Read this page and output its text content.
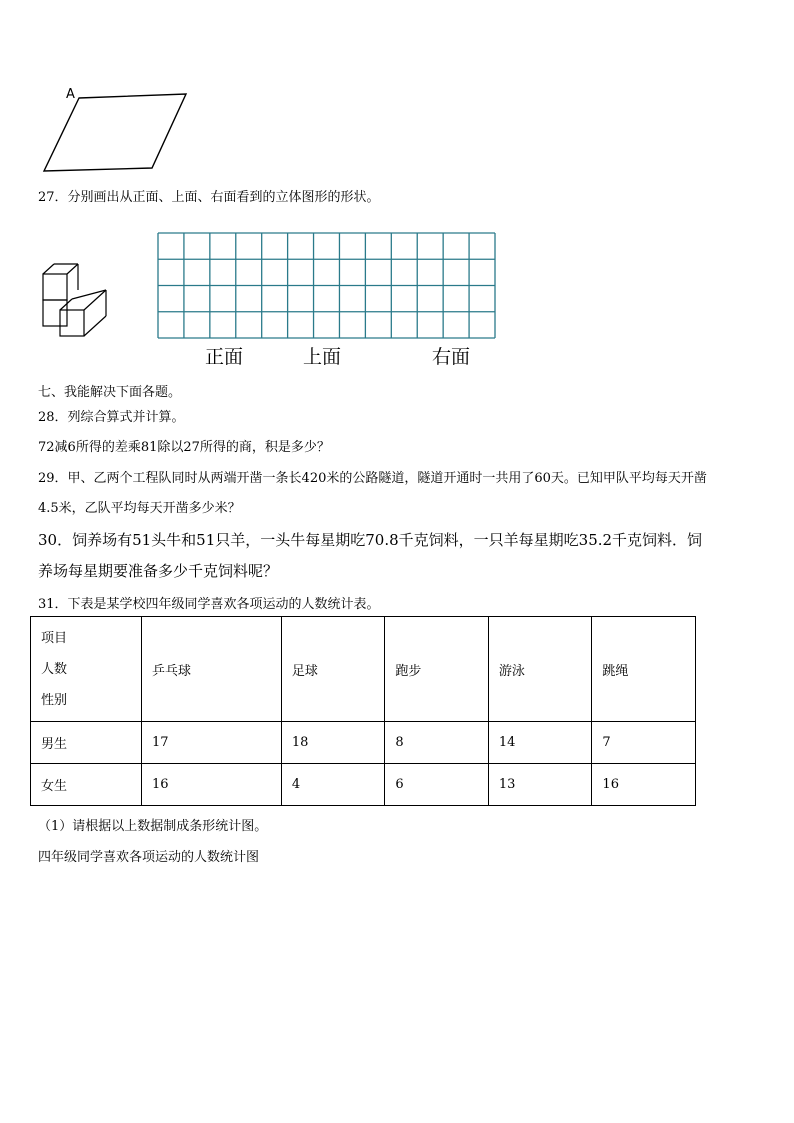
A
27．分别画出从正面、上面、右面看到的立体图形的形状。
正面	上面	右面
七、我能解决下面各题。
28．列综合算式并计算。
72减6所得的差乘81除以27所得的商，积是多少？
29．甲、乙两个工程队同时从两端开凿一条长420米的公路隧道，隧道开通时一共用了60天。已知甲队平均每天开凿
4.5米，乙队平均每天开凿多少米？
30．饲养场有51头牛和51只羊，一头牛每星期吃70.8千克饲料，一只羊每星期吃35.2千克饲料．饲
养场每星期要准备多少千克饲料呢？
31．下表是某学校四年级同学喜欢各项运动的人数统计表。
项目
人数
性别	乒乓球	足球	跑步	游泳	跳绳
男生	17	18	8	14	7
女生	16	4	6	13	16
（1）请根据以上数据制成条形统计图。
四年级同学喜欢各项运动的人数统计图
